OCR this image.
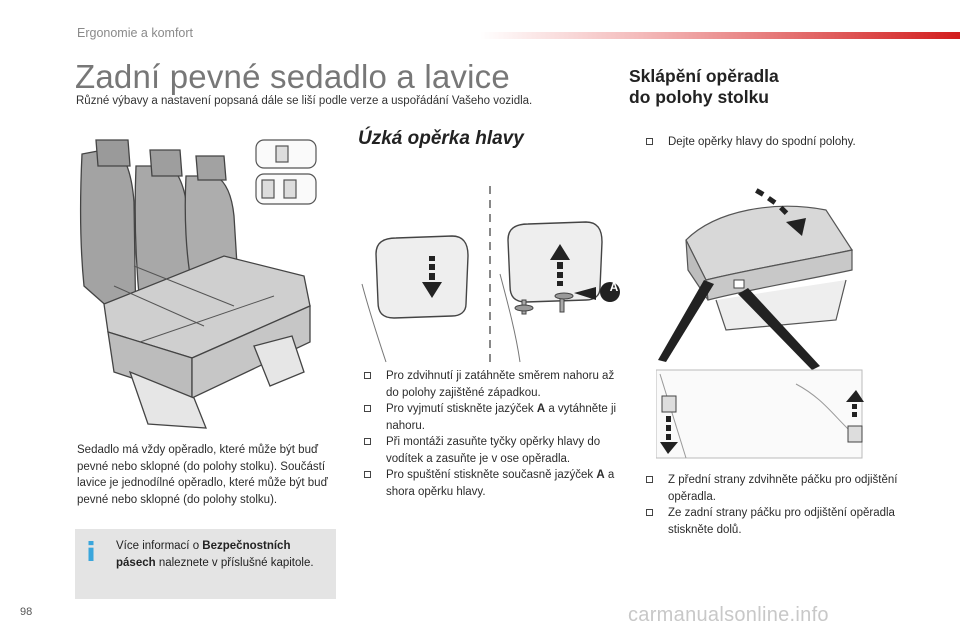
Ergonomie a komfort
Zadní pevné sedadlo a lavice
Různé výbavy a nastavení popsaná dále se liší podle verze a uspořádání Vašeho vozidla.
Sedadlo má vždy opěradlo, které může být buď pevné nebo sklopné (do polohy stolku). Součástí lavice je jednodílné opěradlo, které může být buď pevné nebo sklopné (do polohy stolku).
Více informací o Bezpečnostních pásech naleznete v příslušné kapitole.
Úzká opěrka hlavy
A
Pro zdvihnutí ji zatáhněte směrem nahoru až do polohy zajištěné západkou.
Pro vyjmutí stiskněte jazýček A a vytáhněte ji nahoru.
Při montáži zasuňte tyčky opěrky hlavy do vodítek a zasuňte je v ose opěradla.
Pro spuštění stiskněte současně jazýček A a shora opěrku hlavy.
Sklápění opěradla
do polohy stolku
Dejte opěrky hlavy do spodní polohy.
Z přední strany zdvihněte páčku pro odjištění opěradla.
Ze zadní strany páčku pro odjištění opěradla stiskněte dolů.
98	carmanualsonline.info
